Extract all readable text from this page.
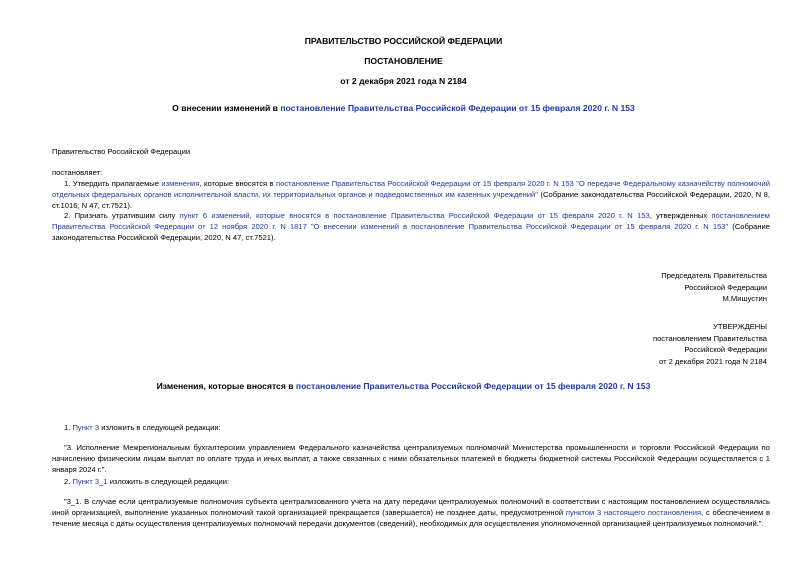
ПРАВИТЕЛЬСТВО РОССИЙСКОЙ ФЕДЕРАЦИИ
ПОСТАНОВЛЕНИЕ
от 2 декабря 2021 года N 2184
О внесении изменений в постановление Правительства Российской Федерации от 15 февраля 2020 г. N 153
Правительство Российской Федерации
постановляет:

1. Утвердить прилагаемые изменения, которые вносятся в постановление Правительства Российской Федерации от 15 февраля 2020 г. N 153 "О передаче Федеральному казначейству полномочий отдельных федеральных органов исполнительной власти, их территориальных органов и подведомственных им казенных учреждений" (Собрание законодательства Российской Федерации, 2020, N 8, ст.1016; N 47, ст.7521).

2. Признать утратившим силу пункт 6 изменений, которые вносятся в постановление Правительства Российской Федерации от 15 февраля 2020 г. N 153, утвержденных постановлением Правительства Российской Федерации от 12 ноября 2020 г. N 1817 "О внесении изменений в постановление Правительства Российской Федерации от 15 февраля 2020 г. N 153" (Собрание законодательства Российской Федерации, 2020, N 47, ст.7521).

Председатель Правительства
Российской Федерации
М.Мишустин
УТВЕРЖДЕНЫ
постановлением Правительства
Российской Федерации
от 2 декабря 2021 года N 2184
Изменения, которые вносятся в постановление Правительства Российской Федерации от 15 февраля 2020 г. N 153

1. Пункт 3 изложить в следующей редакции:

"3. Исполнение Межрегиональным бухгалтерским управлением Федерального казначейства централизуемых полномочий Министерства промышленности и торговли Российской Федерации по начислению физическим лицам выплат по оплате труда и иных выплат, а также связанных с ними обязательных платежей в бюджеты бюджетной системы Российской Федерации осуществляется с 1 января 2024 г.".

2. Пункт 3_1 изложить в следующей редакции:

"3_1. В случае если централизуемые полномочия субъекта централизованного учета на дату передачи централизуемых полномочий в соответствии с настоящим постановлением осуществлялись иной организацией, выполнение указанных полномочий такой организацией прекращается (завершается) не позднее даты, предусмотренной пунктом 3 настоящего постановления, с обеспечением в течение месяца с даты осуществления централизуемых полномочий передачи документов (сведений), необходимых для осуществления уполномоченной организацией централизуемых полномочий.".
